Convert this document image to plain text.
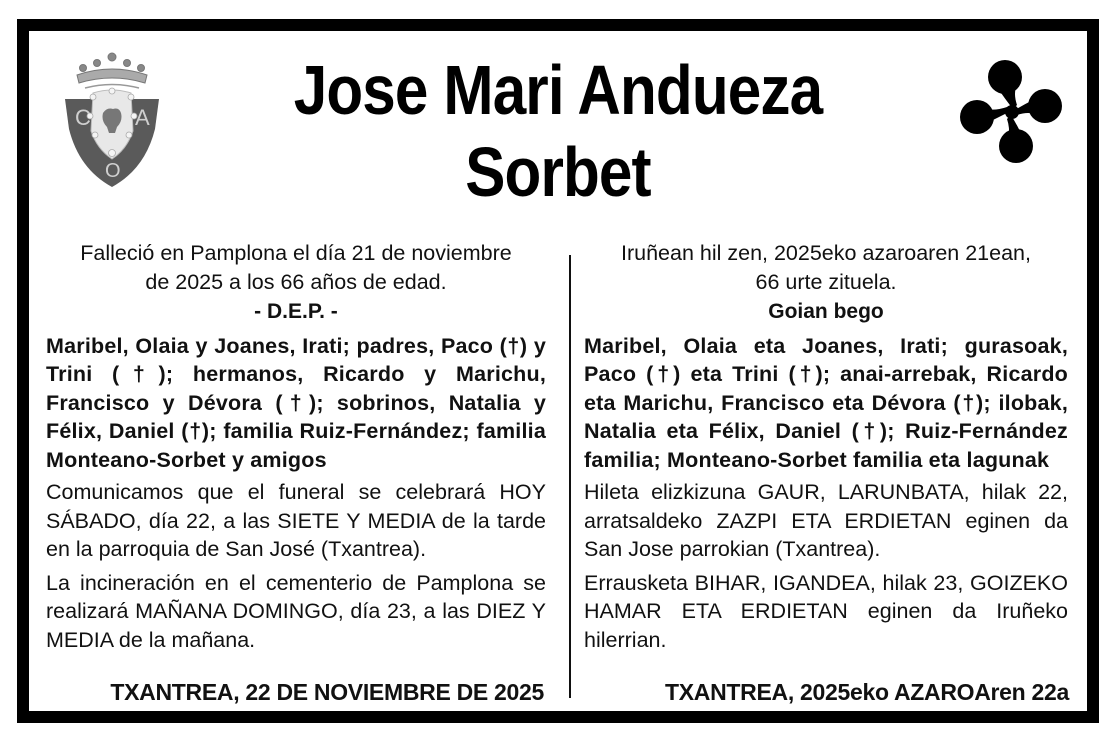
C A
O
Jose Mari Andueza
Sorbet

Falleció en Pamplona el día 21 de noviembre

de 2025 a los 66 años de edad.

- D.E.P. -

Maribel, Olaia y Joanes, Irati; padres, Paco (†) y Trini (†); hermanos, Ricardo y Marichu, Francisco y Dévora (†); sobrinos, Natalia y Félix, Daniel (†); familia Ruiz-Fernández; familia Monteano-Sorbet y amigos

Comunicamos que el funeral se celebrará HOY SÁBADO, día 22, a las SIETE Y MEDIA de la tarde en la parroquia de San José (Txantrea).

La incineración en el cementerio de Pamplona se realizará MAÑANA DOMINGO, día 23, a las DIEZ Y MEDIA de la mañana.

TXANTREA, 22 DE NOVIEMBRE DE 2025

Iruñean hil zen, 2025eko azaroaren 21ean,

66 urte zituela.

Goian bego

Maribel, Olaia eta Joanes, Irati; gurasoak, Paco (†) eta Trini (†); anai-arrebak, Ricardo eta Marichu, Francisco eta Dévora (†); ilobak, Natalia eta Félix, Daniel (†); Ruiz-Fernández familia; Monteano-Sorbet familia eta lagunak

Hileta elizkizuna GAUR, LARUNBATA, hilak 22, arratsaldeko ZAZPI ETA ERDIETAN eginen da San Jose parrokian (Txantrea).

Errausketa BIHAR, IGANDEA, hilak 23, GOIZEKO HAMAR ETA ERDIETAN eginen da Iruñeko hilerrian.

TXANTREA, 2025eko AZAROAren 22a
